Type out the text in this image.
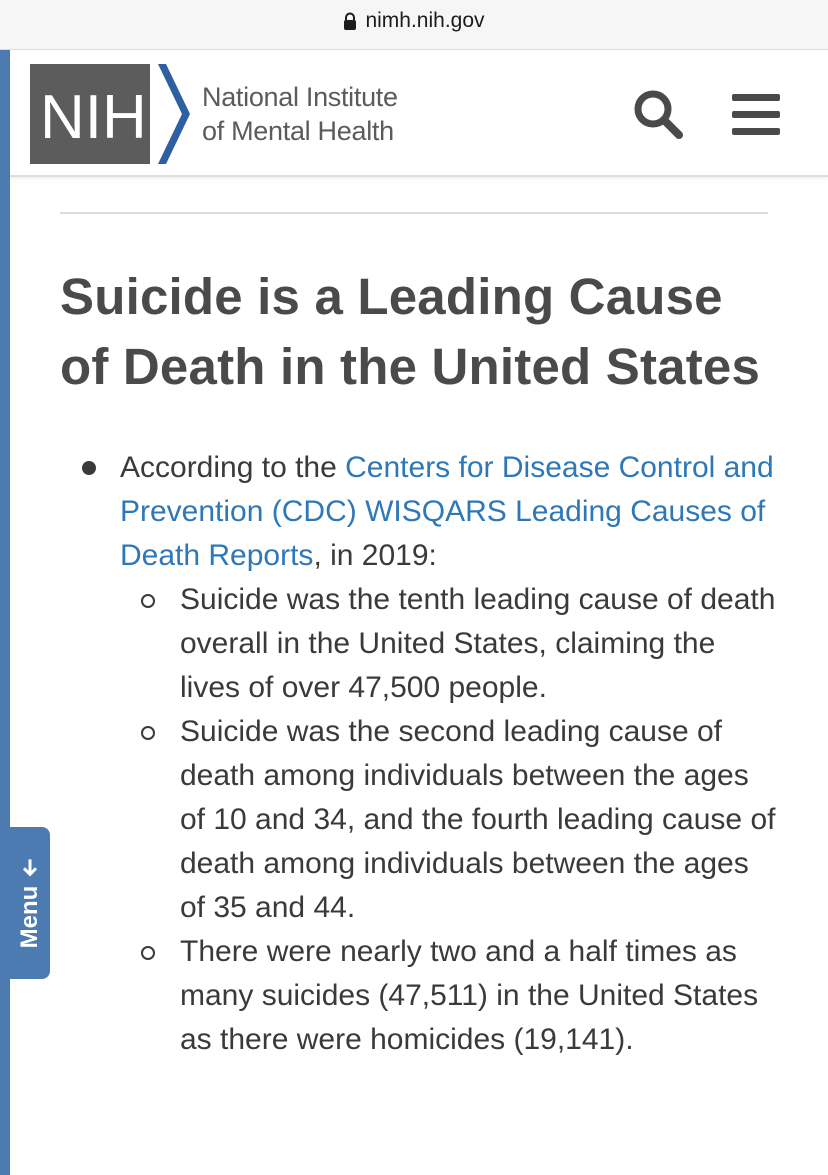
nimh.nih.gov
NIH National Institute
of Mental Health
Suicide is a Leading Cause of Death in the United States
According to the Centers for Disease Control and Prevention (CDC) WISQARS Leading Causes of Death Reports, in 2019:
Suicide was the tenth leading cause of death overall in the United States, claiming the lives of over 47,500 people.
Suicide was the second leading cause of death among individuals between the ages of 10 and 34, and the fourth leading cause of death among individuals between the ages of 35 and 44.
There were nearly two and a half times as many suicides (47,511) in the United States as there were homicides (19,141).
Menu
